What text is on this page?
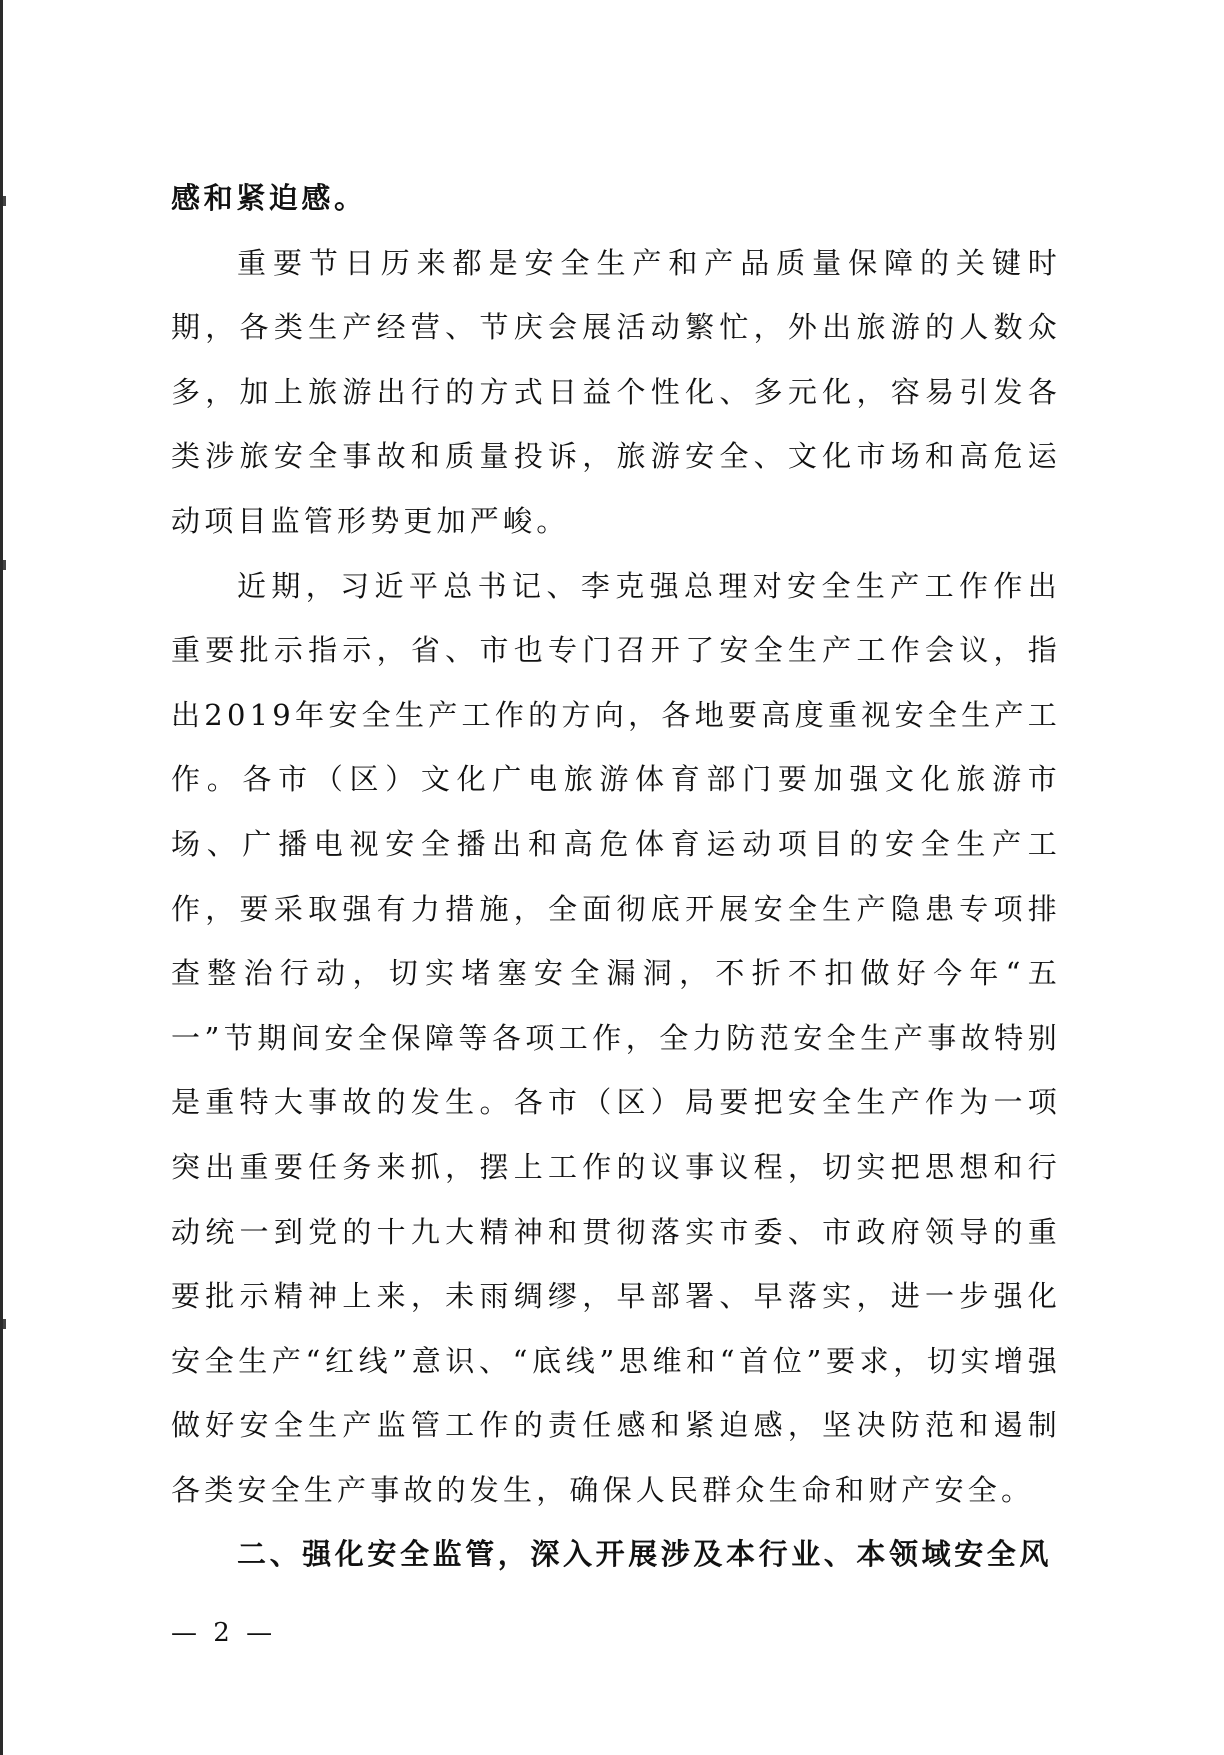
感和紧迫感。

重要节日历来都是安全生产和产品质量保障的关键时期，各类生产经营、节庆会展活动繁忙，外出旅游的人数众多，加上旅游出行的方式日益个性化、多元化，容易引发各类涉旅安全事故和质量投诉，旅游安全、文化市场和高危运动项目监管形势更加严峻。

近期，习近平总书记、李克强总理对安全生产工作作出重要批示指示，省、市也专门召开了安全生产工作会议，指出2019年安全生产工作的方向，各地要高度重视安全生产工作。各市（区）文化广电旅游体育部门要加强文化旅游市场、广播电视安全播出和高危体育运动项目的安全生产工作，要采取强有力措施，全面彻底开展安全生产隐患专项排查整治行动，切实堵塞安全漏洞，不折不扣做好今年“五一”节期间安全保障等各项工作，全力防范安全生产事故特别是重特大事故的发生。各市（区）局要把安全生产作为一项突出重要任务来抓，摆上工作的议事议程，切实把思想和行动统一到党的十九大精神和贯彻落实市委、市政府领导的重要批示精神上来，未雨绸缪，早部署、早落实，进一步强化安全生产“红线”意识、“底线”思维和“首位”要求，切实增强做好安全生产监管工作的责任感和紧迫感，坚决防范和遏制各类安全生产事故的发生，确保人民群众生命和财产安全。

二、强化安全监管，深入开展涉及本行业、本领域安全风

— 2 —
